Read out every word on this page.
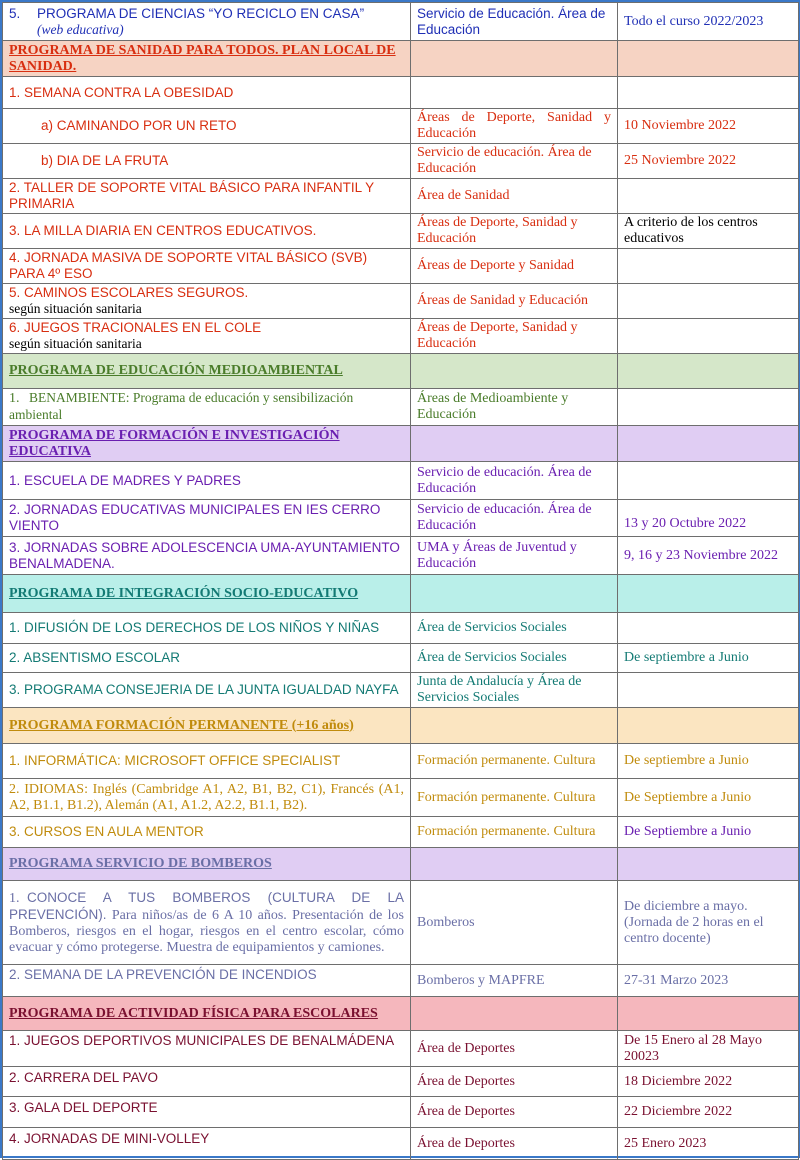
5. PROGRAMA DE CIENCIAS “YO RECICLO EN CASA”
(web educativa)	Servicio de Educación. Área de Educación	Todo el curso 2022/2023
PROGRAMA DE SANIDAD PARA TODOS. PLAN LOCAL DE SANIDAD.		
1. SEMANA CONTRA LA OBESIDAD		
a) CAMINANDO POR UN RETO	Áreas de Deporte, Sanidad y Educación	10 Noviembre 2022
b) DIA DE LA FRUTA	Servicio de educación. Área de Educación	25 Noviembre 2022
2. TALLER DE SOPORTE VITAL BÁSICO PARA INFANTIL Y PRIMARIA	Área de Sanidad	
3. LA MILLA DIARIA EN CENTROS EDUCATIVOS.	Áreas de Deporte, Sanidad y Educación	A criterio de los centros educativos
4. JORNADA MASIVA DE SOPORTE VITAL BÁSICO (SVB) PARA 4º ESO	Áreas de Deporte y Sanidad	
5. CAMINOS ESCOLARES SEGUROS.
según situación sanitaria	Áreas de Sanidad y Educación	
6. JUEGOS TRACIONALES EN EL COLE
según situación sanitaria	Áreas de Deporte, Sanidad y Educación	
PROGRAMA DE EDUCACIÓN MEDIOAMBIENTAL		
1. BENAMBIENTE: Programa de educación y sensibilización ambiental	Áreas de Medioambiente y Educación	
PROGRAMA DE FORMACIÓN E INVESTIGACIÓN EDUCATIVA		
1. ESCUELA DE MADRES Y PADRES	Servicio de educación. Área de Educación	
2. JORNADAS EDUCATIVAS MUNICIPALES EN IES CERRO VIENTO	Servicio de educación. Área de Educación	13 y 20 Octubre 2022
3. JORNADAS SOBRE ADOLESCENCIA UMA-AYUNTAMIENTO BENALMADENA.	UMA y Áreas de Juventud y Educación	9, 16 y 23 Noviembre 2022
PROGRAMA DE INTEGRACIÓN SOCIO-EDUCATIVO		
1. DIFUSIÓN DE LOS DERECHOS DE LOS NIÑOS Y NIÑAS	Área de Servicios Sociales	
2. ABSENTISMO ESCOLAR	Área de Servicios Sociales	De septiembre a Junio
3. PROGRAMA CONSEJERIA DE LA JUNTA IGUALDAD NAYFA	Junta de Andalucía y Área de Servicios Sociales	
PROGRAMA FORMACIÓN PERMANENTE (+16 años)		
1. INFORMÁTICA: MICROSOFT OFFICE SPECIALIST	Formación permanente. Cultura	De septiembre a Junio
2. IDIOMAS: Inglés (Cambridge A1, A2, B1, B2, C1), Francés (A1, A2, B1.1, B1.2), Alemán (A1, A1.2, A2.2, B1.1, B2).	Formación permanente. Cultura	De Septiembre a Junio
3. CURSOS EN AULA MENTOR	Formación permanente. Cultura	De Septiembre a Junio
PROGRAMA SERVICIO DE BOMBEROS		
1. CONOCE A TUS BOMBEROS (CULTURA DE LA PREVENCIÓN). Para niños/as de 6 A 10 años. Presentación de los Bomberos, riesgos en el hogar, riesgos en el centro escolar, cómo evacuar y cómo protegerse. Muestra de equipamientos y camiones.	Bomberos	De diciembre a mayo. (Jornada de 2 horas en el centro docente)
2. SEMANA DE LA PREVENCIÓN DE INCENDIOS	Bomberos y MAPFRE	27-31 Marzo 2023
PROGRAMA DE ACTIVIDAD FÍSICA PARA ESCOLARES		
1. JUEGOS DEPORTIVOS MUNICIPALES DE BENALMÁDENA	Área de Deportes	De 15 Enero al 28 Mayo 20023
2. CARRERA DEL PAVO	Área de Deportes	18 Diciembre 2022
3. GALA DEL DEPORTE	Área de Deportes	22 Diciembre 2022
4. JORNADAS DE MINI-VOLLEY	Área de Deportes	25 Enero 2023
